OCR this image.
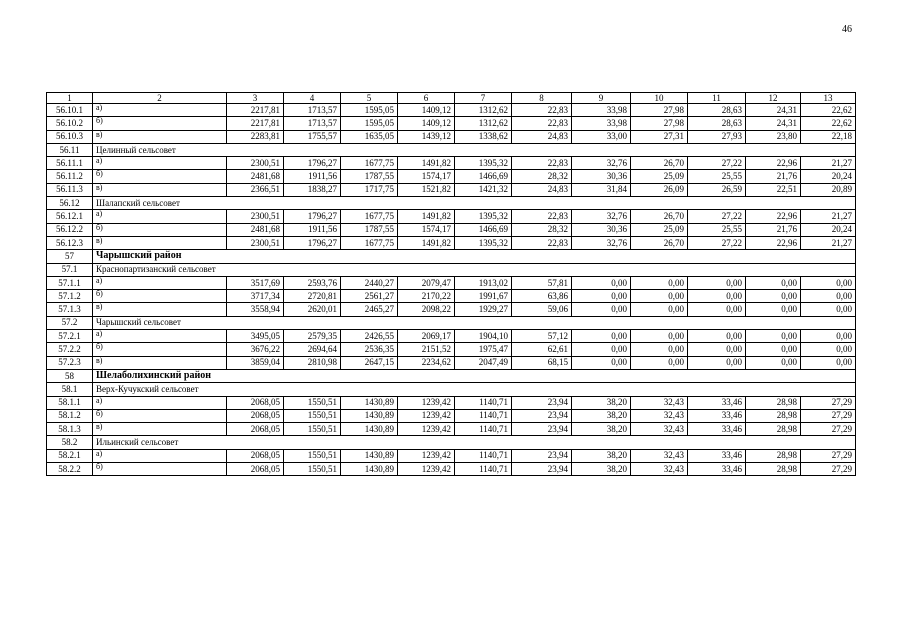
46
1	2	3	4	5	6	7	8	9	10	11	12	13
56.10.1	а)	2217,81	1713,57	1595,05	1409,12	1312,62	22,83	33,98	27,98	28,63	24,31	22,62
56.10.2	б)	2217,81	1713,57	1595,05	1409,12	1312,62	22,83	33,98	27,98	28,63	24,31	22,62
56.10.3	в)	2283,81	1755,57	1635,05	1439,12	1338,62	24,83	33,00	27,31	27,93	23,80	22,18
56.11	Целинный сельсовет											
56.11.1	а)	2300,51	1796,27	1677,75	1491,82	1395,32	22,83	32,76	26,70	27,22	22,96	21,27
56.11.2	б)	2481,68	1911,56	1787,55	1574,17	1466,69	28,32	30,36	25,09	25,55	21,76	20,24
56.11.3	в)	2366,51	1838,27	1717,75	1521,82	1421,32	24,83	31,84	26,09	26,59	22,51	20,89
56.12	Шалапский сельсовет											
56.12.1	а)	2300,51	1796,27	1677,75	1491,82	1395,32	22,83	32,76	26,70	27,22	22,96	21,27
56.12.2	б)	2481,68	1911,56	1787,55	1574,17	1466,69	28,32	30,36	25,09	25,55	21,76	20,24
56.12.3	в)	2300,51	1796,27	1677,75	1491,82	1395,32	22,83	32,76	26,70	27,22	22,96	21,27
57	Чарышский район											
57.1	Краснопартизанский сельсовет											
57.1.1	а)	3517,69	2593,76	2440,27	2079,47	1913,02	57,81	0,00	0,00	0,00	0,00	0,00
57.1.2	б)	3717,34	2720,81	2561,27	2170,22	1991,67	63,86	0,00	0,00	0,00	0,00	0,00
57.1.3	в)	3558,94	2620,01	2465,27	2098,22	1929,27	59,06	0,00	0,00	0,00	0,00	0,00
57.2	Чарышский сельсовет											
57.2.1	а)	3495,05	2579,35	2426,55	2069,17	1904,10	57,12	0,00	0,00	0,00	0,00	0,00
57.2.2	б)	3676,22	2694,64	2536,35	2151,52	1975,47	62,61	0,00	0,00	0,00	0,00	0,00
57.2.3	в)	3859,04	2810,98	2647,15	2234,62	2047,49	68,15	0,00	0,00	0,00	0,00	0,00
58	Шелаболихинский район											
58.1	Верх-Кучукский сельсовет											
58.1.1	а)	2068,05	1550,51	1430,89	1239,42	1140,71	23,94	38,20	32,43	33,46	28,98	27,29
58.1.2	б)	2068,05	1550,51	1430,89	1239,42	1140,71	23,94	38,20	32,43	33,46	28,98	27,29
58.1.3	в)	2068,05	1550,51	1430,89	1239,42	1140,71	23,94	38,20	32,43	33,46	28,98	27,29
58.2	Ильинский сельсовет											
58.2.1	а)	2068,05	1550,51	1430,89	1239,42	1140,71	23,94	38,20	32,43	33,46	28,98	27,29
58.2.2	б)	2068,05	1550,51	1430,89	1239,42	1140,71	23,94	38,20	32,43	33,46	28,98	27,29
